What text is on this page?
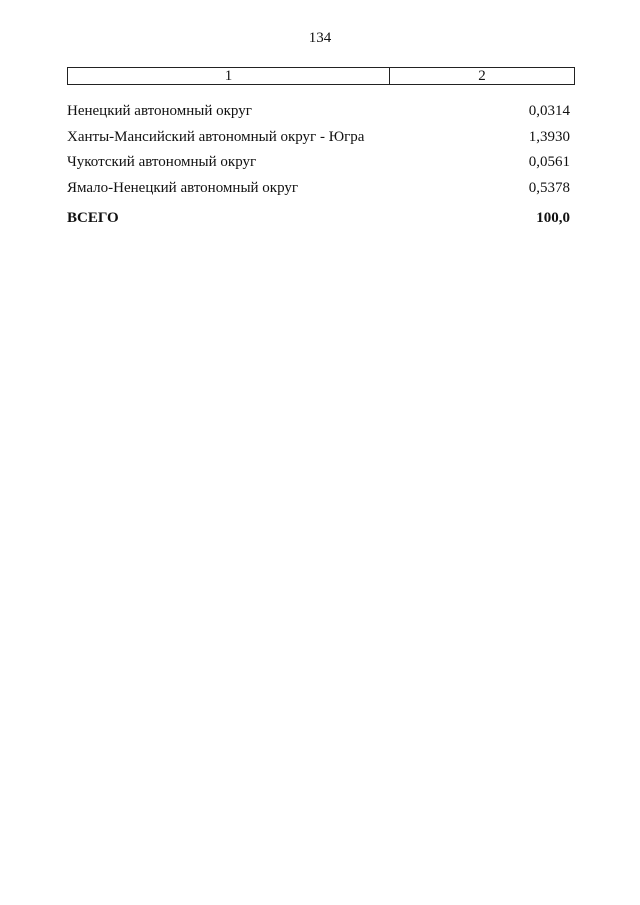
134
1	2
Ненецкий автономный округ	0,0314
Ханты-Мансийский автономный округ - Югра	1,3930
Чукотский автономный округ	0,0561
Ямало-Ненецкий автономный округ	0,5378
ВСЕГО	100,0
